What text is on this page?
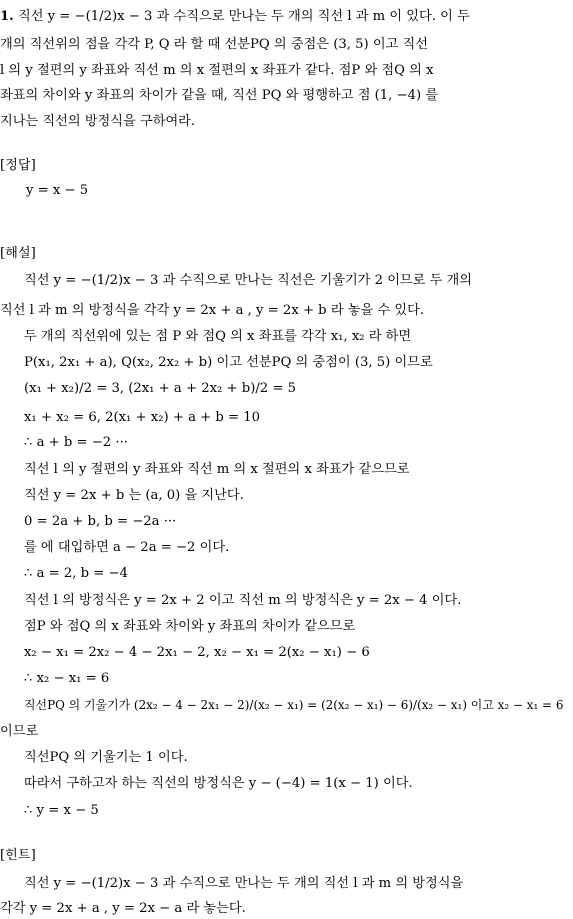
1. 직선 y = −(1/2)x − 3 과 수직으로 만나는 두 개의 직선 l 과 m 이 있다. 이 두
개의 직선위의 점을 각각 P, Q 라 할 때 선분PQ 의 중점은 (3, 5) 이고 직선
l 의 y 절편의 y 좌표와 직선 m 의 x 절편의 x 좌표가 같다. 점P 와 점Q 의 x
좌표의 차이와 y 좌표의 차이가 같을 때, 직선 PQ 와 평행하고 점 (1, −4) 를
지나는 직선의 방정식을 구하여라.
[정답]
y = x − 5
[해설]
직선 y = −(1/2)x − 3 과 수직으로 만나는 직선은 기울기가 2 이므로 두 개의
직선 l 과 m 의 방정식을 각각 y = 2x + a , y = 2x + b 라 놓을 수 있다.
두 개의 직선위에 있는 점 P 와 점Q 의 x 좌표를 각각 x₁, x₂ 라 하면
P(x₁, 2x₁ + a), Q(x₂, 2x₂ + b) 이고 선분PQ 의 중점이 (3, 5) 이므로
(x₁ + x₂)/2 = 3, (2x₁ + a + 2x₂ + b)/2 = 5
x₁ + x₂ = 6, 2(x₁ + x₂) + a + b = 10
∴ a + b = −2 ···
직선 l 의 y 절편의 y 좌표와 직선 m 의 x 절편의 x 좌표가 같으므로
직선 y = 2x + b 는 (a, 0) 을 지난다.
0 = 2a + b, b = −2a ···
를 에 대입하면 a − 2a = −2 이다.
∴ a = 2, b = −4
직선 l 의 방정식은 y = 2x + 2 이고 직선 m 의 방정식은 y = 2x − 4 이다.
점P 와 점Q 의 x 좌표와 차이와 y 좌표의 차이가 같으므로
x₂ − x₁ = 2x₂ − 4 − 2x₁ − 2, x₂ − x₁ = 2(x₂ − x₁) − 6
∴ x₂ − x₁ = 6
직선PQ 의 기울기가 (2x₂ − 4 − 2x₁ − 2)/(x₂ − x₁) = (2(x₂ − x₁) − 6)/(x₂ − x₁) 이고 x₂ − x₁ = 6
이므로
직선PQ 의 기울기는 1 이다.
따라서 구하고자 하는 직선의 방정식은 y − (−4) = 1(x − 1) 이다.
∴ y = x − 5
[힌트]
직선 y = −(1/2)x − 3 과 수직으로 만나는 두 개의 직선 l 과 m 의 방정식을
각각 y = 2x + a , y = 2x − a 라 놓는다.
